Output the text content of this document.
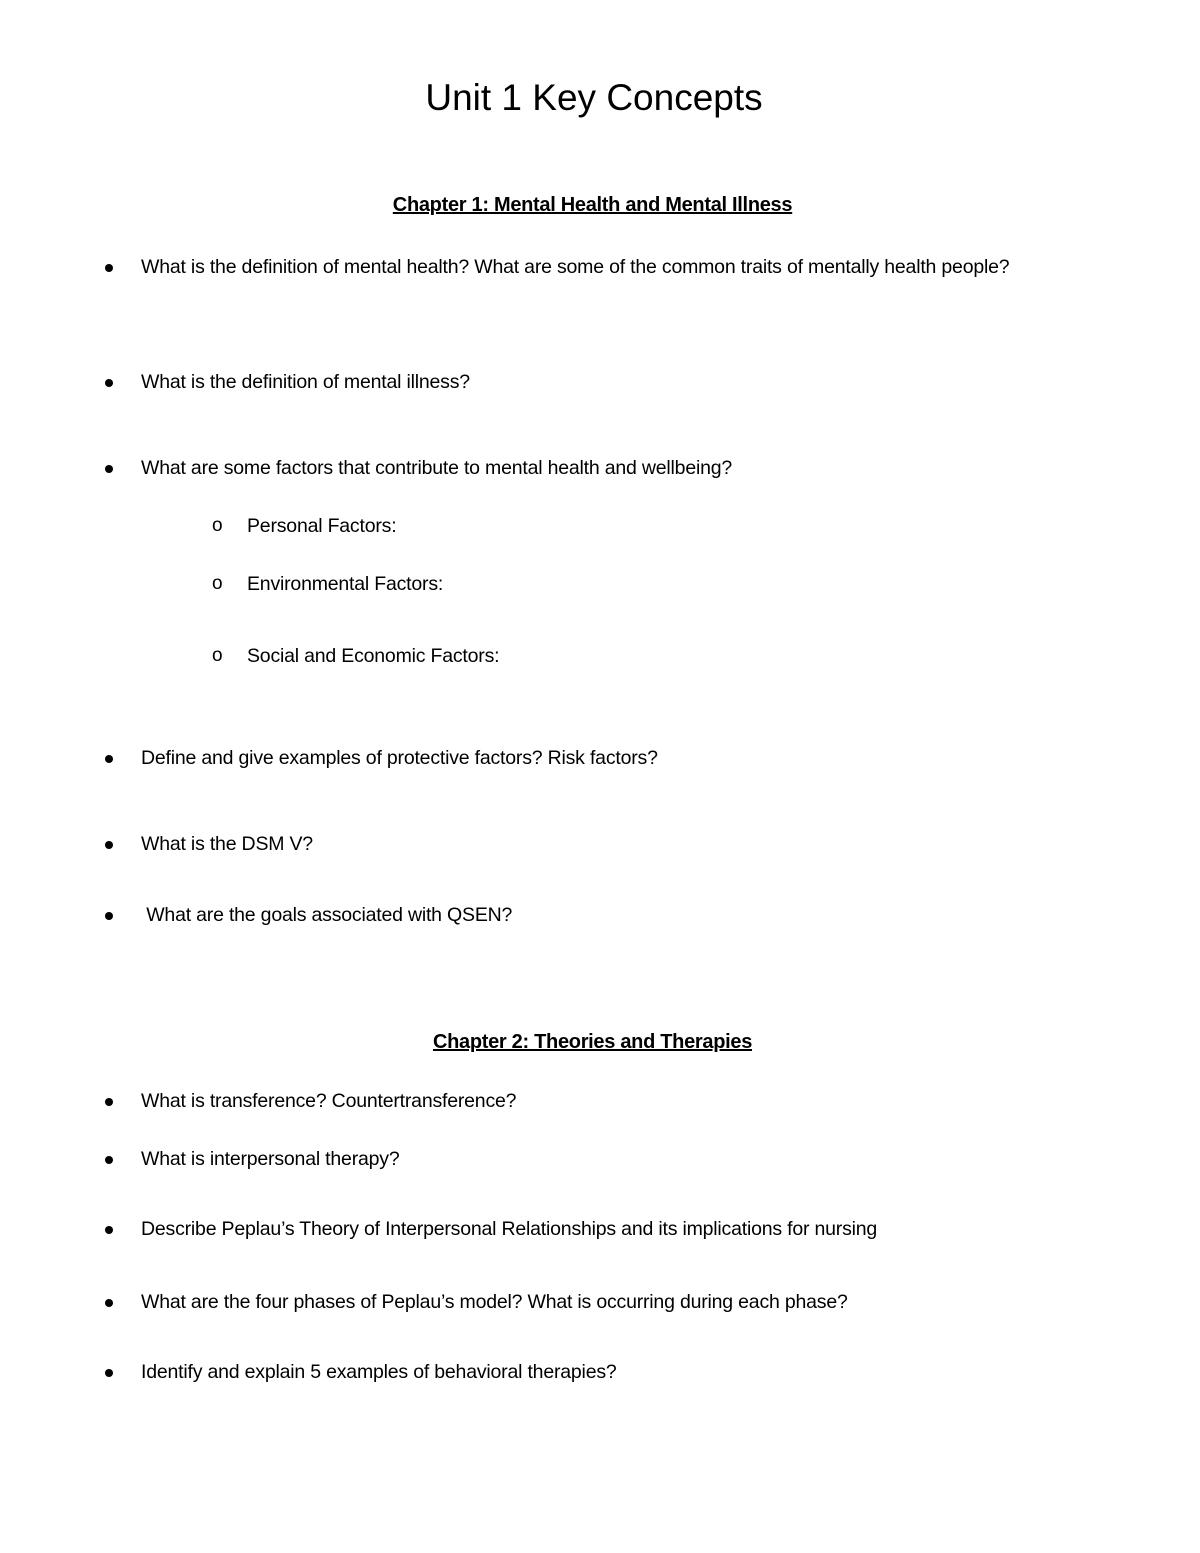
Unit 1 Key Concepts
Chapter 1: Mental Health and Mental Illness
What is the definition of mental health? What are some of the common traits of mentally health people?
What is the definition of mental illness?
What are some factors that contribute to mental health and wellbeing?
o Personal Factors:
o Environmental Factors:
o Social and Economic Factors:
Define and give examples of protective factors? Risk factors?
What is the DSM V?
What are the goals associated with QSEN?
Chapter 2: Theories and Therapies
What is transference? Countertransference?
What is interpersonal therapy?
Describe Peplau’s Theory of Interpersonal Relationships and its implications for nursing
What are the four phases of Peplau’s model? What is occurring during each phase?
Identify and explain 5 examples of behavioral therapies?
